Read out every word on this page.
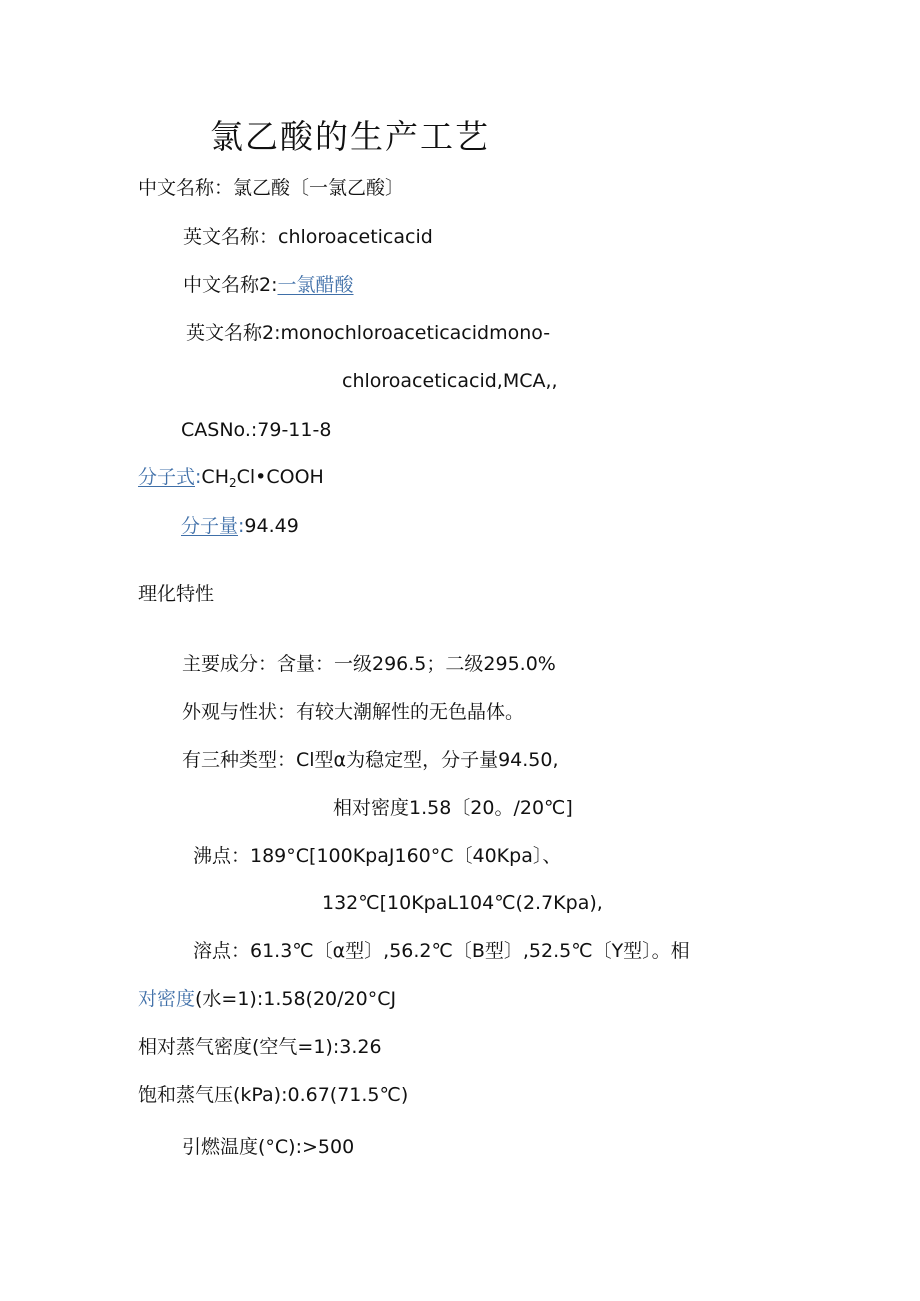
氯乙酸的生产工艺
中文名称：氯乙酸〔一氯乙酸〕
英文名称：chloroaceticacid
中文名称2:一氯醋酸
英文名称2:monochloroaceticacidmono-
chloroaceticacid,MCA,,
CASNo.:79-11-8
分子式$:CH_2Cl•COOH$
分子量:94.49
理化特性
主要成分：含量：一级296.5；二级295.0%
外观与性状：有较大潮解性的无色晶体。
有三种类型：Cl型α为稳定型，分子量94.50,
相对密度1.58〔20。/20℃]
沸点：189°C[100KpaJ160°C〔40Kpa〕、
132℃[10KpaL104℃(2.7Kpa),
溶点：61.3℃〔α型〕,56.2℃〔B型〕,52.5℃〔Y型〕。相
对密度(水=1):1.58(20/20°CJ
相对蒸气密度(空气=1):3.26
饱和蒸气压(kPa):0.67(71.5℃)
引燃温度(°C):>500
